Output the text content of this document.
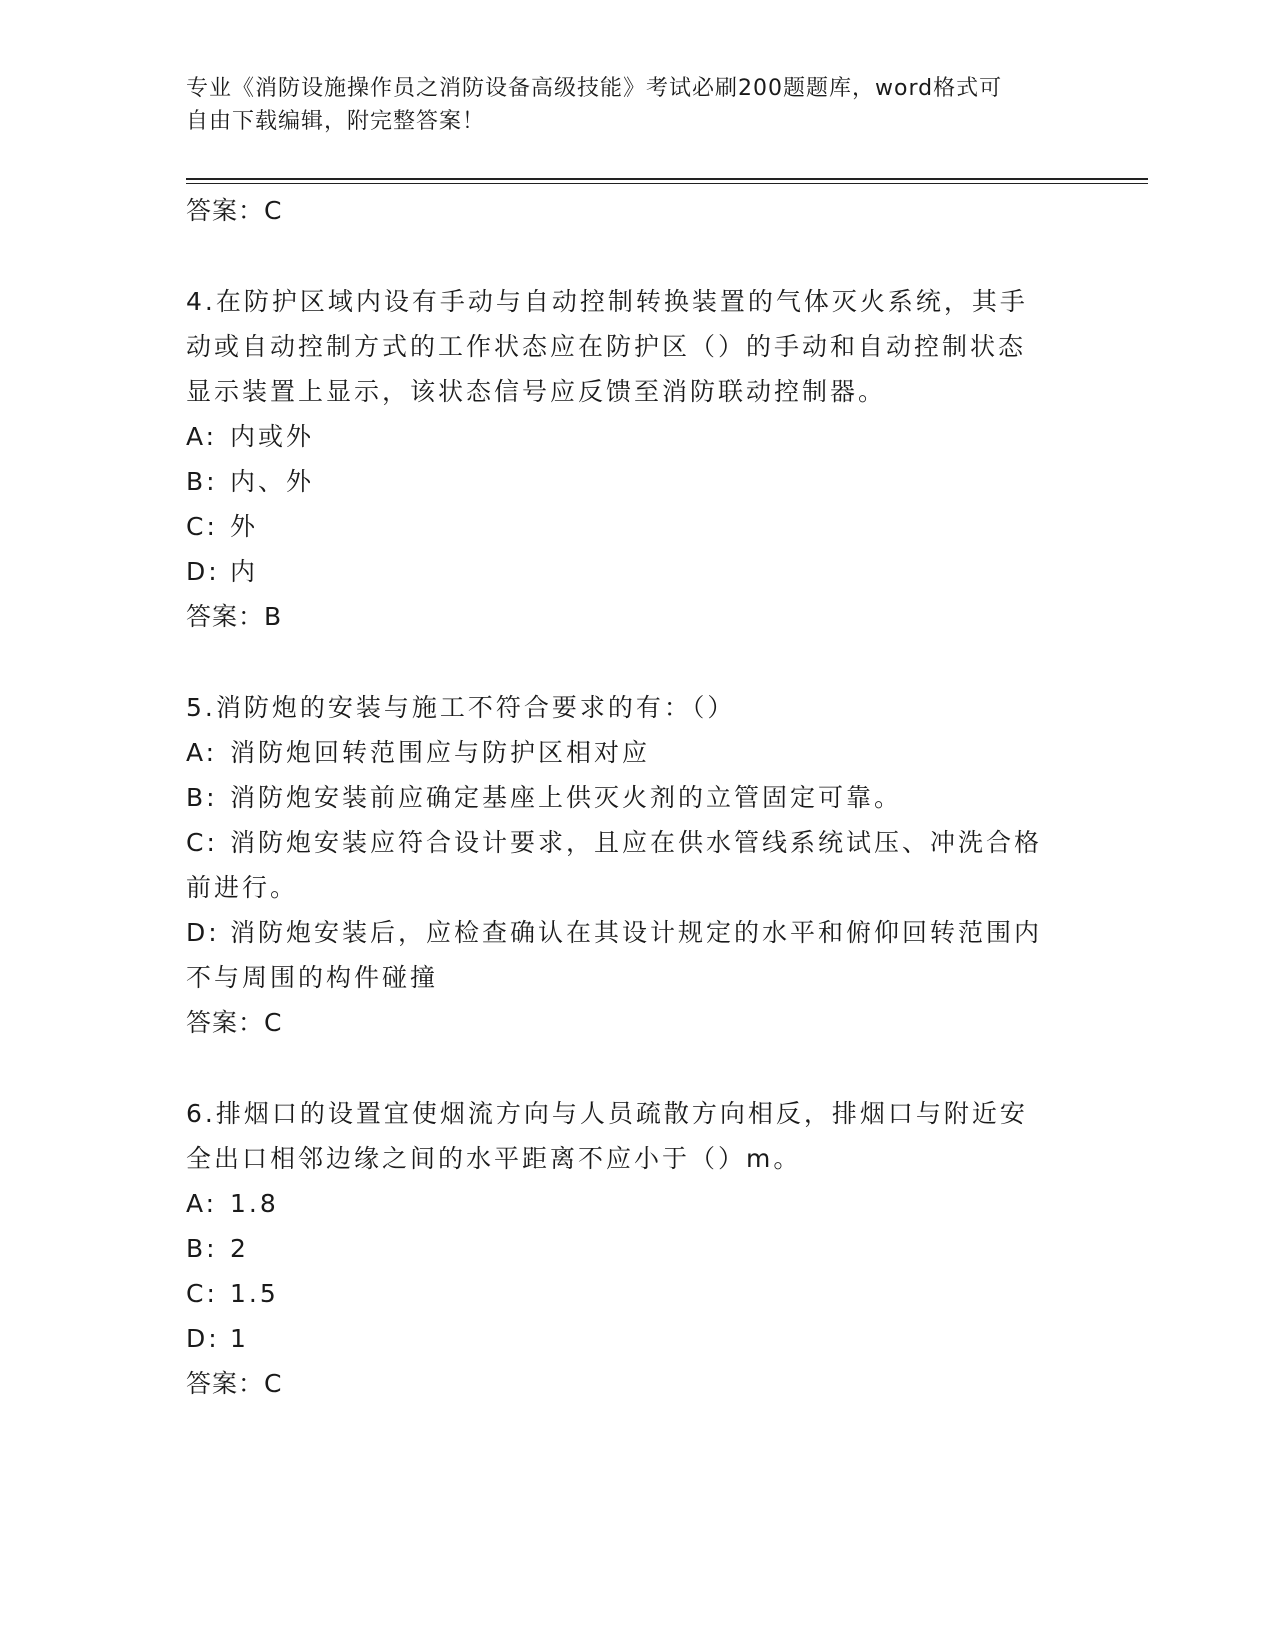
专业《消防设施操作员之消防设备高级技能》考试必刷200题题库，word格式可
自由下载编辑，附完整答案！
答案：C
4.在防护区域内设有手动与自动控制转换装置的气体灭火系统，其手
动或自动控制方式的工作状态应在防护区（）的手动和自动控制状态
显示装置上显示，该状态信号应反馈至消防联动控制器。
A: 内或外
B: 内、外
C: 外
D: 内
答案：B
5.消防炮的安装与施工不符合要求的有：（）
A: 消防炮回转范围应与防护区相对应
B: 消防炮安装前应确定基座上供灭火剂的立管固定可靠。
C: 消防炮安装应符合设计要求，且应在供水管线系统试压、冲洗合格
前进行。
D: 消防炮安装后，应检查确认在其设计规定的水平和俯仰回转范围内
不与周围的构件碰撞
答案：C
6.排烟口的设置宜使烟流方向与人员疏散方向相反，排烟口与附近安
全出口相邻边缘之间的水平距离不应小于（）m。
A: 1.8
B: 2
C: 1.5
D: 1
答案：C
